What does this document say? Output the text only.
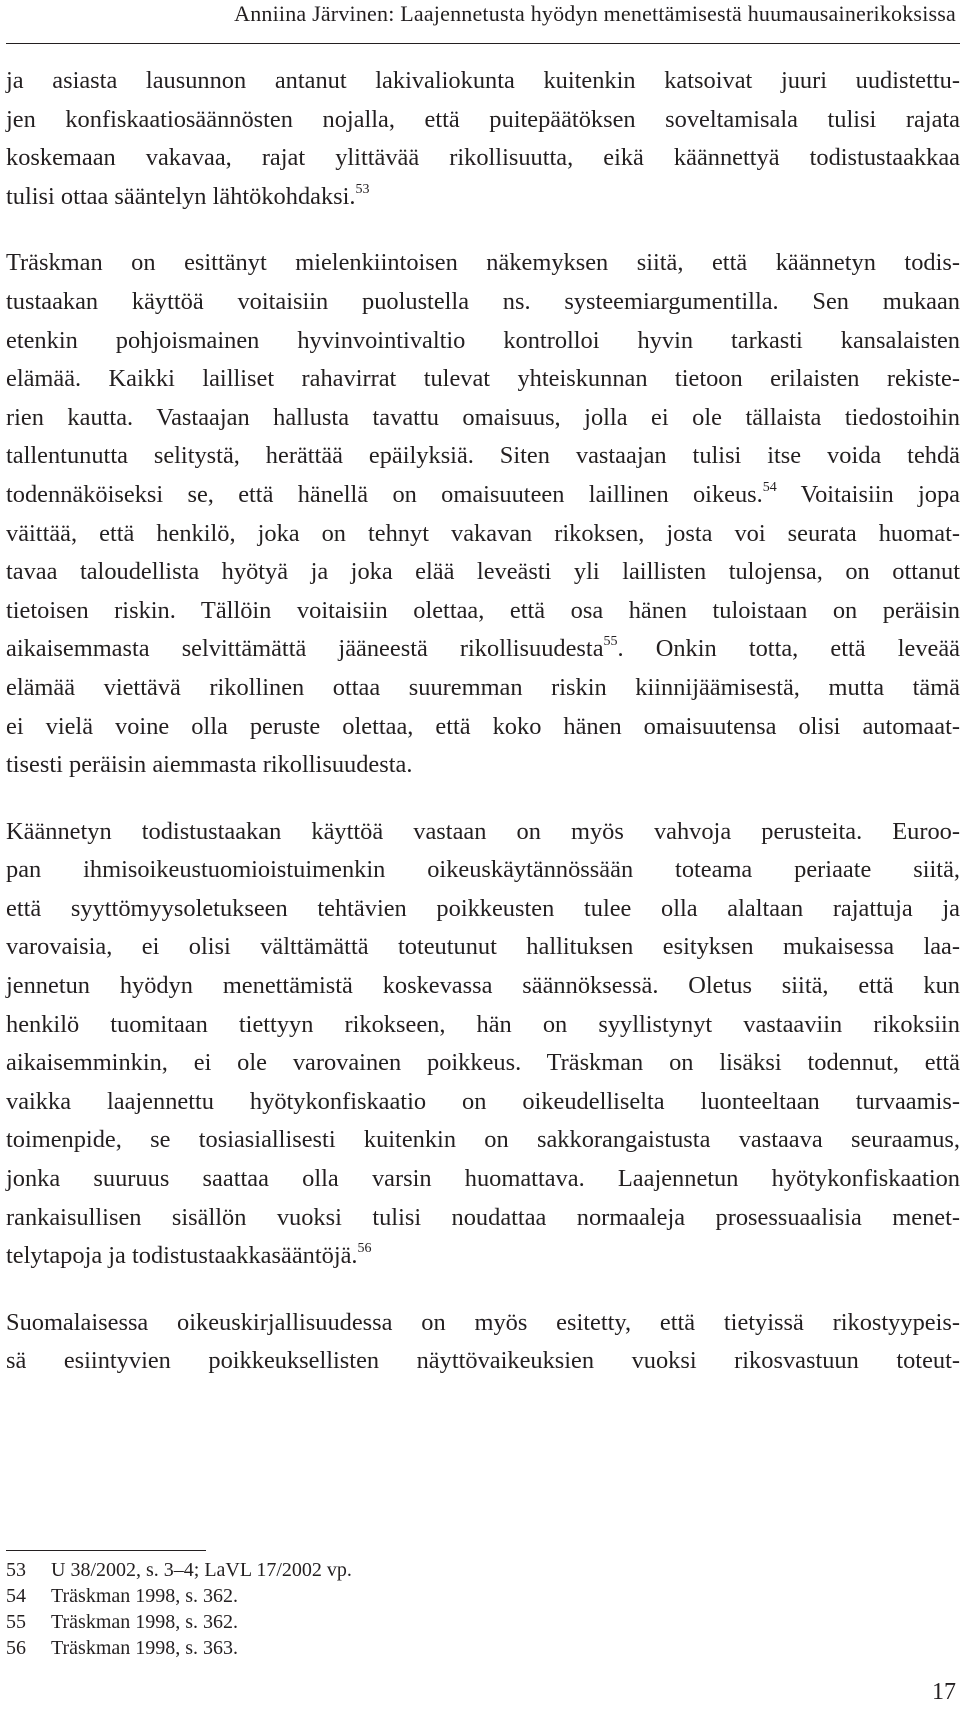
Anniina Järvinen: Laajennetusta hyödyn menettämisestä huumausainerikoksissa
ja asiasta lausunnon antanut lakivaliokunta kuitenkin katsoivat juuri uudistettu-
jen konfiskaatiosäännösten nojalla, että puitepäätöksen soveltamisala tulisi rajata
koskemaan vakavaa, rajat ylittävää rikollisuutta, eikä käännettyä todistustaakkaa
tulisi ottaa sääntelyn lähtökohdaksi.$^{53}$
Träskman on esittänyt mielenkiintoisen näkemyksen siitä, että käännetyn todis-
tustaakan käyttöä voitaisiin puolustella ns. systeemiargumentilla. Sen mukaan
etenkin pohjoismainen hyvinvointivaltio kontrolloi hyvin tarkasti kansalaisten
elämää. Kaikki lailliset rahavirrat tulevat yhteiskunnan tietoon erilaisten rekiste-
rien kautta. Vastaajan hallusta tavattu omaisuus, jolla ei ole tällaista tiedostoihin
tallentunutta selitystä, herättää epäilyksiä. Siten vastaajan tulisi itse voida tehdä
todennäköiseksi se, että hänellä on omaisuuteen laillinen oikeus.$^{54}$ Voitaisiin jopa
väittää, että henkilö, joka on tehnyt vakavan rikoksen, josta voi seurata huomat-
tavaa taloudellista hyötyä ja joka elää leveästi yli laillisten tulojensa, on ottanut
tietoisen riskin. Tällöin voitaisiin olettaa, että osa hänen tuloistaan on peräisin
aikaisemmasta selvittämättä jääneestä rikollisuudesta$^{55}$. Onkin totta, että leveää
elämää viettävä rikollinen ottaa suuremman riskin kiinnijäämisestä, mutta tämä
ei vielä voine olla peruste olettaa, että koko hänen omaisuutensa olisi automaat-
tisesti peräisin aiemmasta rikollisuudesta.
Käännetyn todistustaakan käyttöä vastaan on myös vahvoja perusteita. Euroo-
pan ihmisoikeustuomioistuimenkin oikeuskäytännössään toteama periaate siitä,
että syyttömyysoletukseen tehtävien poikkeusten tulee olla alaltaan rajattuja ja
varovaisia, ei olisi välttämättä toteutunut hallituksen esityksen mukaisessa laa-
jennetun hyödyn menettämistä koskevassa säännöksessä. Oletus siitä, että kun
henkilö tuomitaan tiettyyn rikokseen, hän on syyllistynyt vastaaviin rikoksiin
aikaisemminkin, ei ole varovainen poikkeus. Träskman on lisäksi todennut, että
vaikka laajennettu hyötykonfiskaatio on oikeudelliselta luonteeltaan turvaamis-
toimenpide, se tosiasiallisesti kuitenkin on sakkorangaistusta vastaava seuraamus,
jonka suuruus saattaa olla varsin huomattava. Laajennetun hyötykonfiskaation
rankaisullisen sisällön vuoksi tulisi noudattaa normaaleja prosessuaalisia menet-
telytapoja ja todistustaakkasääntöjä.$^{56}$
Suomalaisessa oikeuskirjallisuudessa on myös esitetty, että tietyissä rikostyypeis-
sä esiintyvien poikkeuksellisten näyttövaikeuksien vuoksi rikosvastuun toteut-
53	U 38/2002, s. 3–4; LaVL 17/2002 vp.
54	Träskman 1998, s. 362.
55	Träskman 1998, s. 362.
56	Träskman 1998, s. 363.
17
